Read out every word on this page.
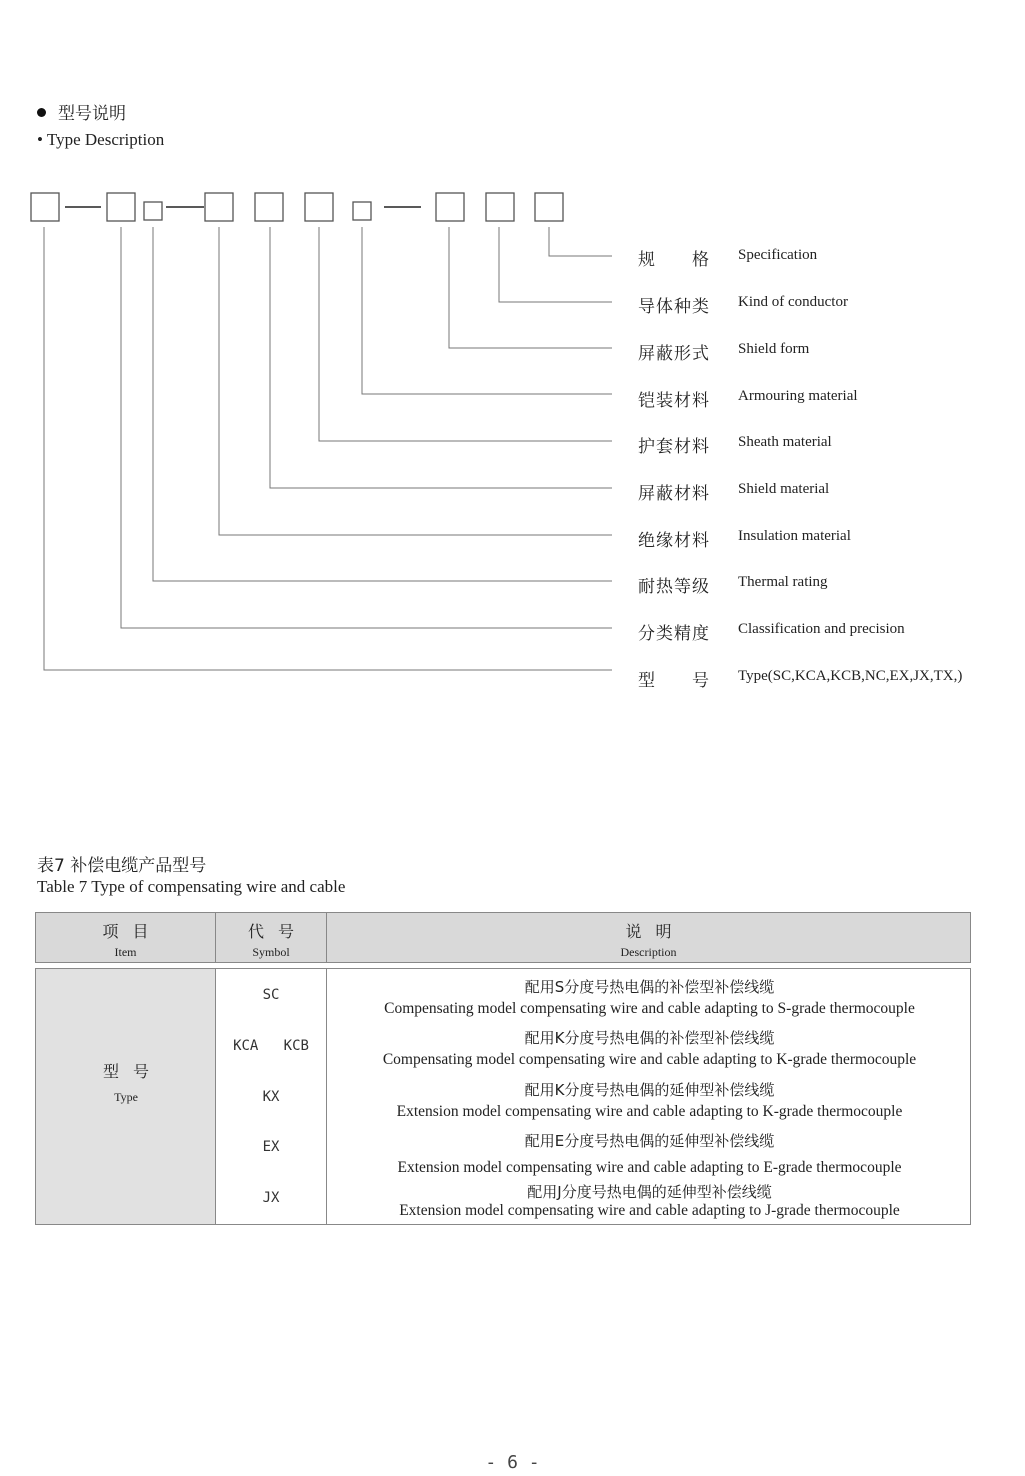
型号说明
• Type Description
规格 Specification
导体种类 Kind of conductor
屏蔽形式 Shield form
铠装材料 Armouring material
护套材料 Sheath material
屏蔽材料 Shield material
绝缘材料 Insulation material
耐热等级 Thermal rating
分类精度 Classification and precision
型号 Type(SC,KCA,KCB,NC,EX,JX,TX,)
表7 补偿电缆产品型号
Table 7 Type of compensating wire and cable
项目
Item
代号
Symbol
说明
Description
型号
Type
SC
KCA   KCB
KX
EX
JX
配用S分度号热电偶的补偿型补偿线缆
Compensating model compensating wire and cable adapting to S-grade thermocouple
配用K分度号热电偶的补偿型补偿线缆
Compensating model compensating wire and cable adapting to K-grade thermocouple
配用K分度号热电偶的延伸型补偿线缆
Extension model compensating wire and cable adapting to K-grade thermocouple
配用E分度号热电偶的延伸型补偿线缆
Extension model compensating wire and cable adapting to E-grade thermocouple
配用J分度号热电偶的延伸型补偿线缆
Extension model compensating wire and cable adapting to J-grade thermocouple
- 6 -
